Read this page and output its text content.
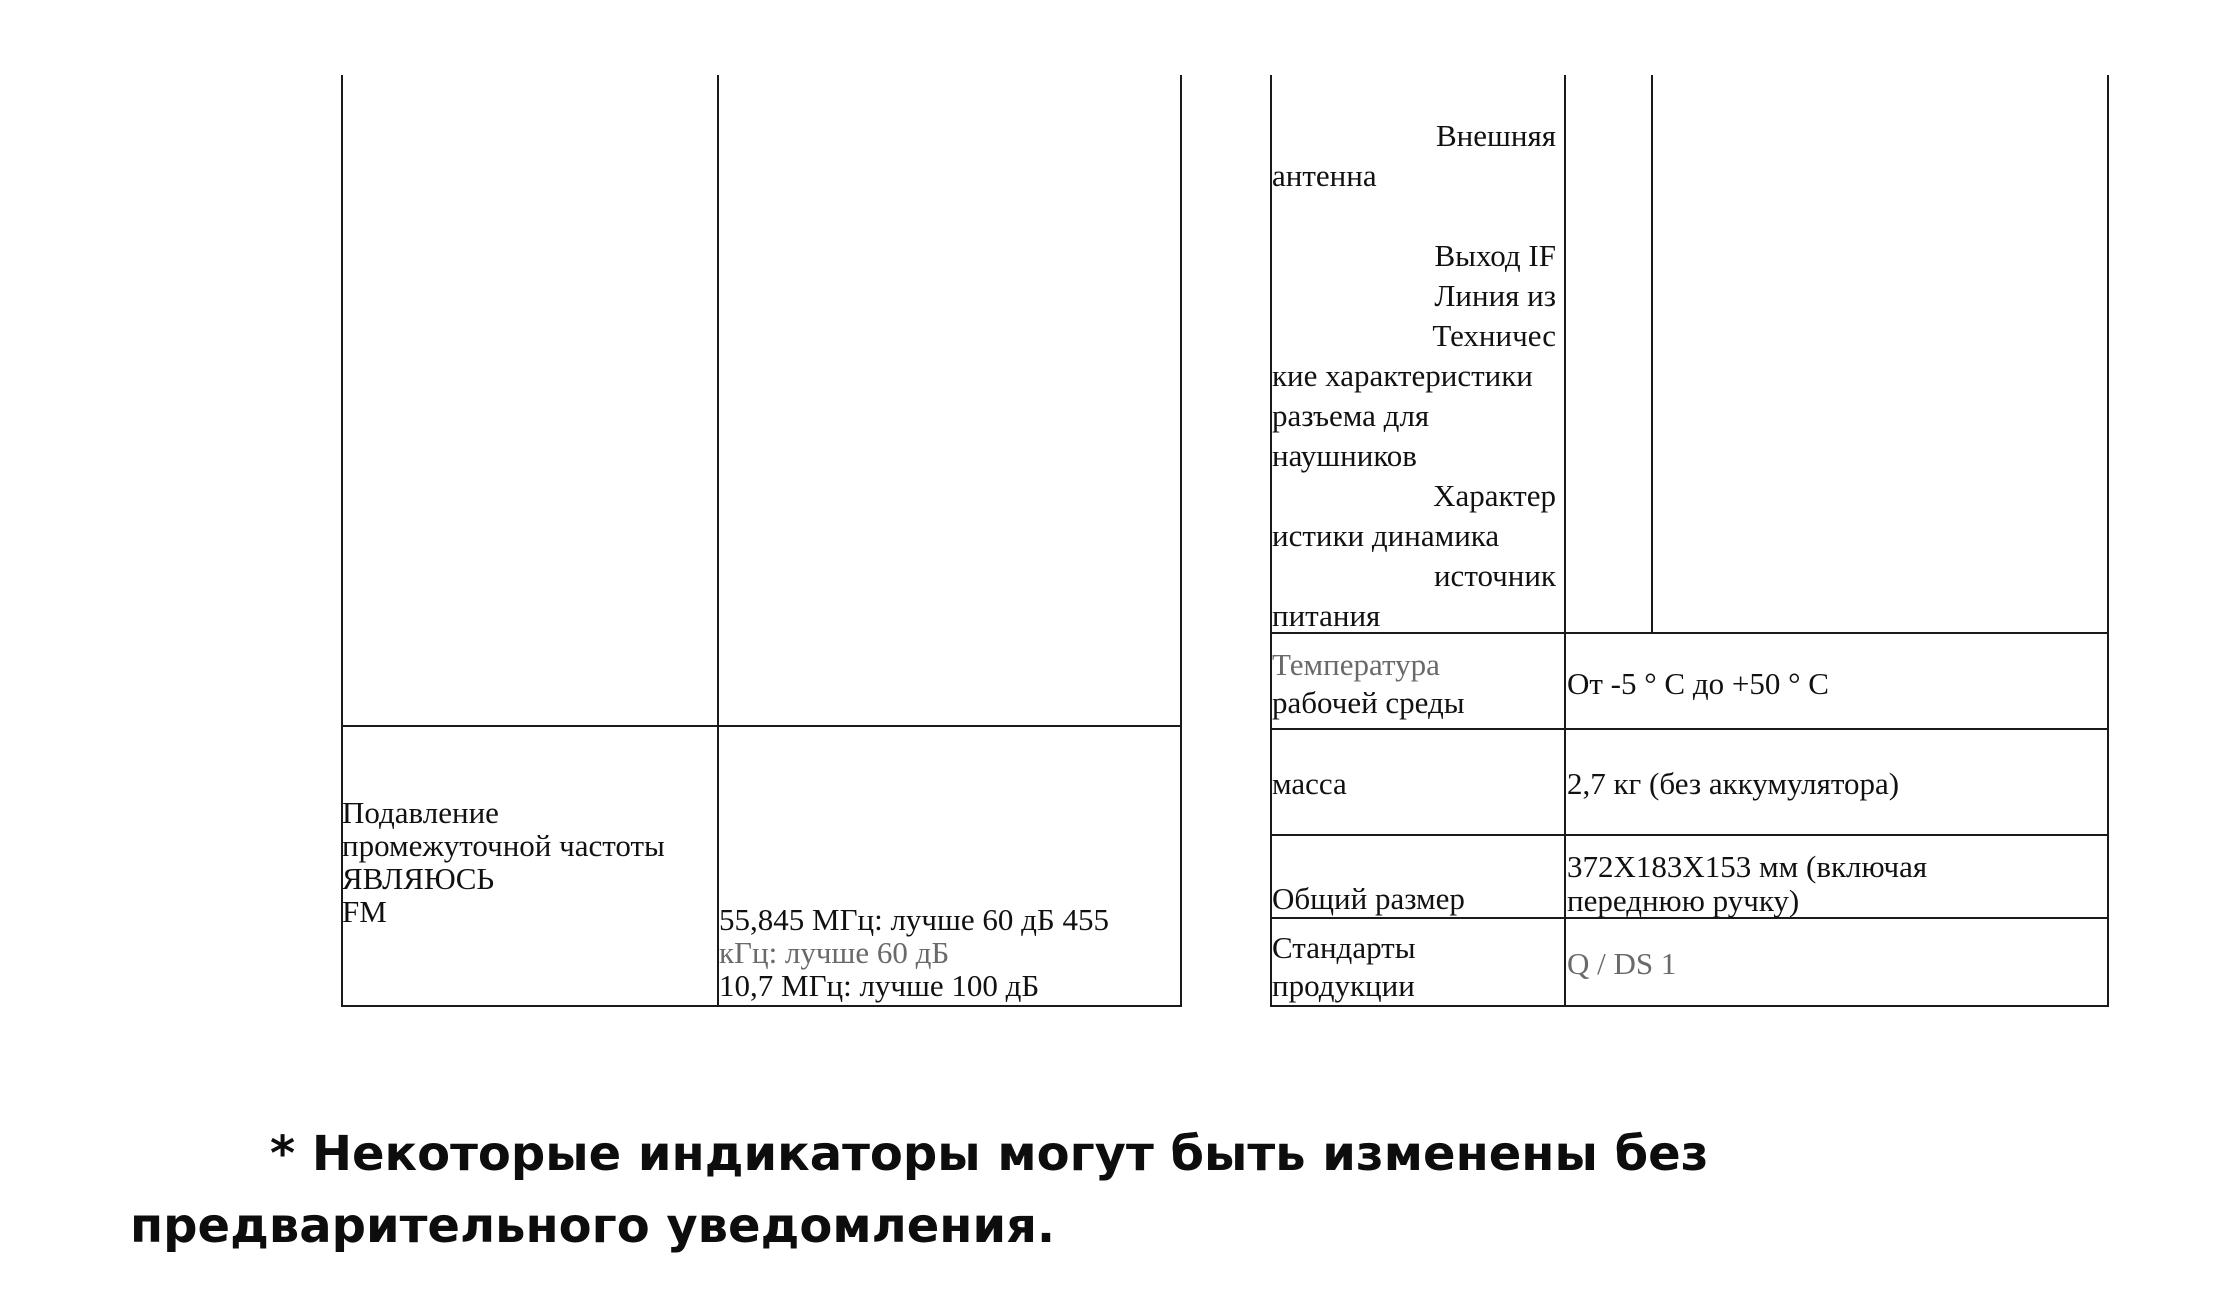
Подавление
промежуточной частоты
ЯВЛЯЮСЬ
FM	55,845 МГц: лучше 60 дБ 455
кГц: лучше 60 дБ
10,7 МГц: лучше 100 дБ
Внешняя
антенна
Выход IF
Линия из
Техничес
кие характеристики
разъема для
наушников
Характер
истики динамика
источник
питания
Температура
рабочей среды
От -5 ° С до +50 ° С
масса	2,7 кг (без аккумулятора)
Общий размер
372X183X153 мм (включая
переднюю ручку)
Стандарты
продукции
Q / DS 1
* Некоторые индикаторы могут быть изменены без предварительного уведомления.
